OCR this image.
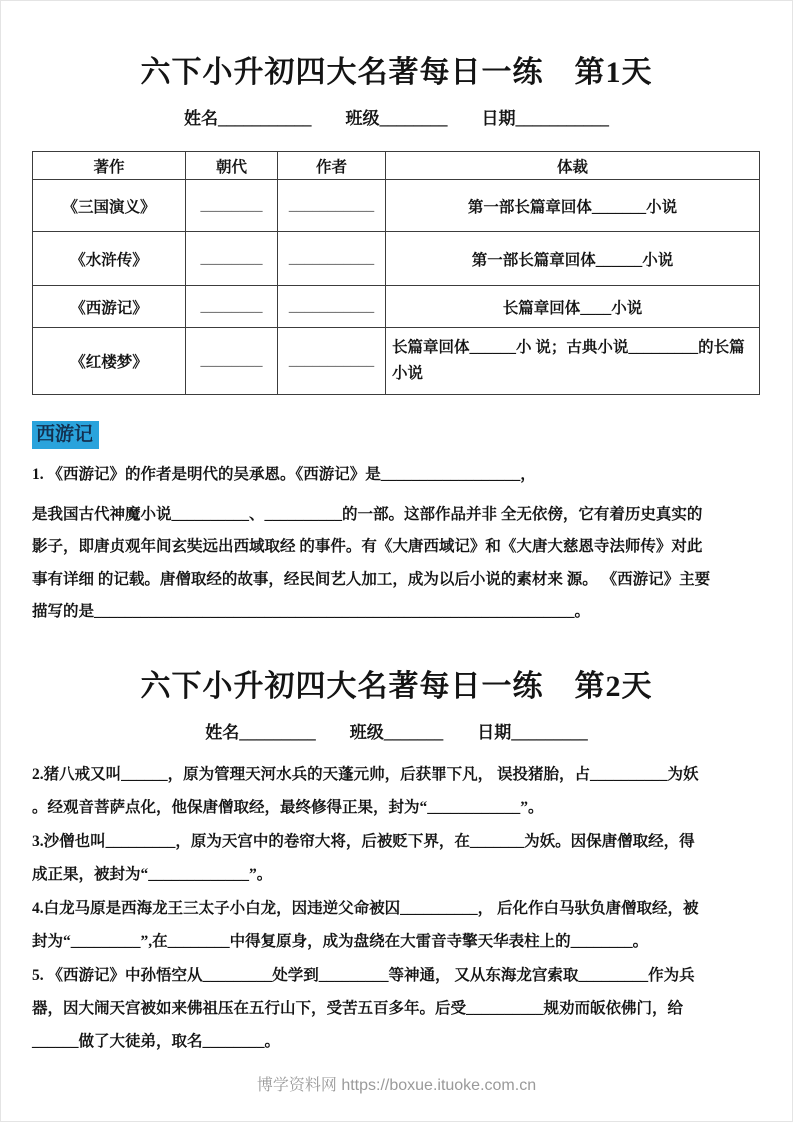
六下小升初四大名著每日一练　第1天
姓名___________　　班级________　　日期___________
著作	朝代	作者	体裁
《三国演义》	________	___________	第一部长篇章回体_______小说
《水浒传》	________	___________	第一部长篇章回体______小说
《西游记》	________	___________	长篇章回体____小说
《红楼梦》	________	___________	长篇章回体______小 说；古典小说_________的长篇小说
西游记
1. 《西游记》的作者是明代的吴承恩。《西游记》是__________________，
是我国古代神魔小说__________、__________的一部。这部作品并非 全无依傍，它有着历史真实的
影子，即唐贞观年间玄奘远出西域取经 的事件。有《大唐西域记》和《大唐大慈恩寺法师传》对此
事有详细 的记载。唐僧取经的故事，经民间艺人加工，成为以后小说的素材来 源。 《西游记》主要
描写的是______________________________________________________________。
六下小升初四大名著每日一练　第2天
姓名_________　　班级_______　　日期_________
2.猪八戒又叫______，原为管理天河水兵的天蓬元帅，后获罪下凡， 误投猪胎，占__________为妖
。经观音菩萨点化，他保唐僧取经，最终修得正果，封为“____________”。
3.沙僧也叫_________，原为天宫中的卷帘大将，后被贬下界，在_______为妖。因保唐僧取经，得
成正果，被封为“_____________”。
4.白龙马原是西海龙王三太子小白龙，因违逆父命被囚__________， 后化作白马驮负唐僧取经，被
封为“_________”,在________中得复原身，成为盘绕在大雷音寺擎天华表柱上的________。
5. 《西游记》中孙悟空从_________处学到_________等神通， 又从东海龙宫索取_________作为兵
器，因大闹天宫被如来佛祖压在五行山下，受苦五百多年。后受__________规劝而皈依佛门，给
______做了大徒弟，取名________。
博学资料网 https://boxue.ituoke.com.cn
